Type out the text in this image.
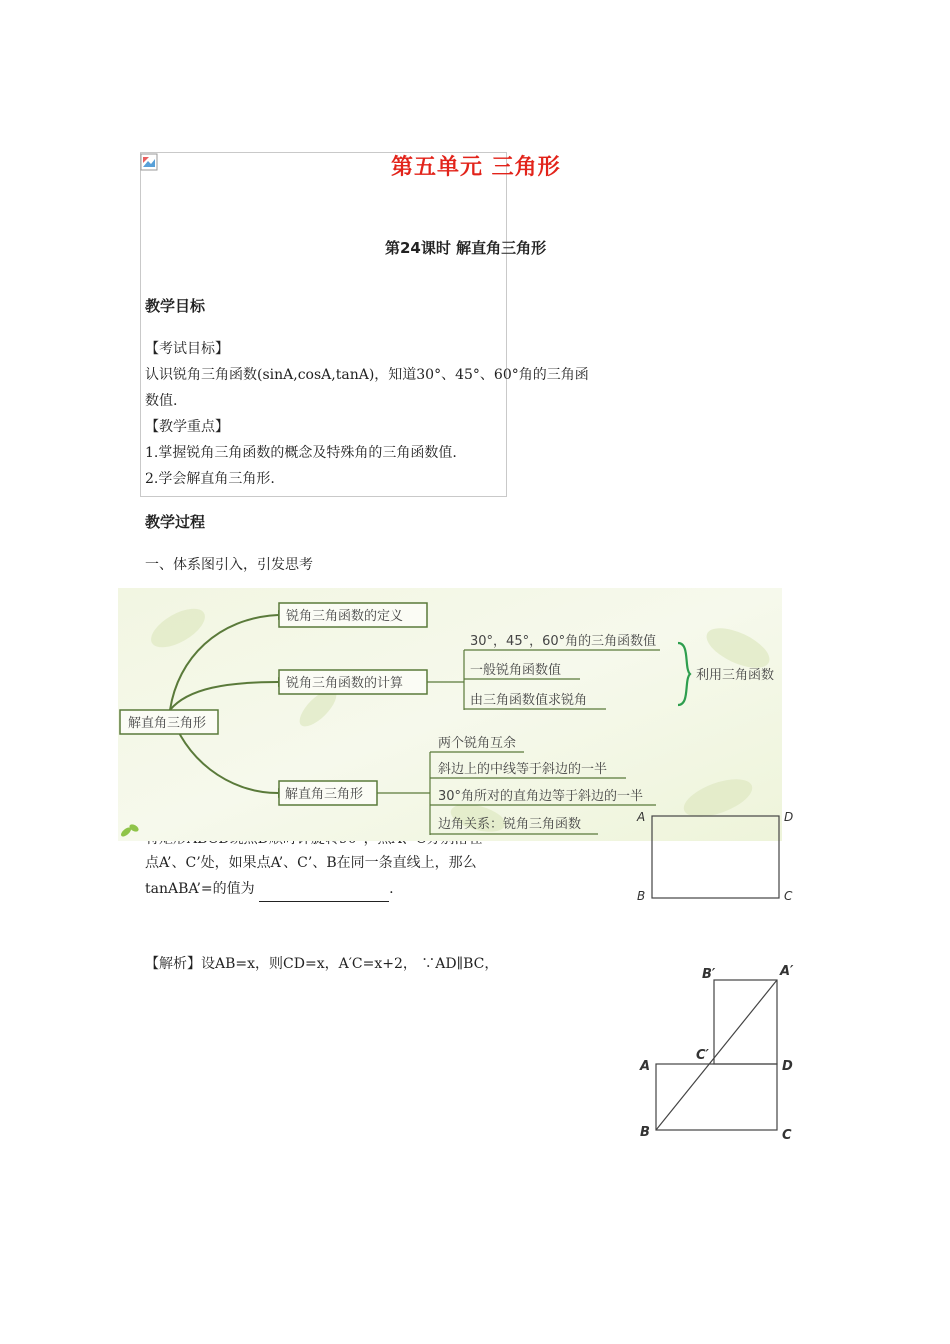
第五单元 三角形
第24课时 解直角三角形
教学目标
【考试目标】
认识锐角三角函数(sinA,cosA,tanA)，知道30°、45°、60°角的三角函
数值.
【教学重点】
1.掌握锐角三角函数的概念及特殊角的三角函数值.
2.学会解直角三角形.
教学过程
一、体系图引入，引发思考
解直角三角形
锐角三角函数的定义
锐角三角函数的计算
30°，45°，60°角的三角函数值
一般锐角函数值
由三角函数值求锐角
利用三角函数
解直角三角形
两个锐角互余
斜边上的中线等于斜边的一半
30°角所对的直角边等于斜边的一半
边角关系：锐角三角函数
点A’、C’处，如果点A’、C’、B在同一条直线上，那么
tanABA’=的值为	.
A	D
B	C
【解析】设AB=x，则CD=x，A′C=x+2， ∵AD∥BC，
B′	A′
C′
A	D
B	C
